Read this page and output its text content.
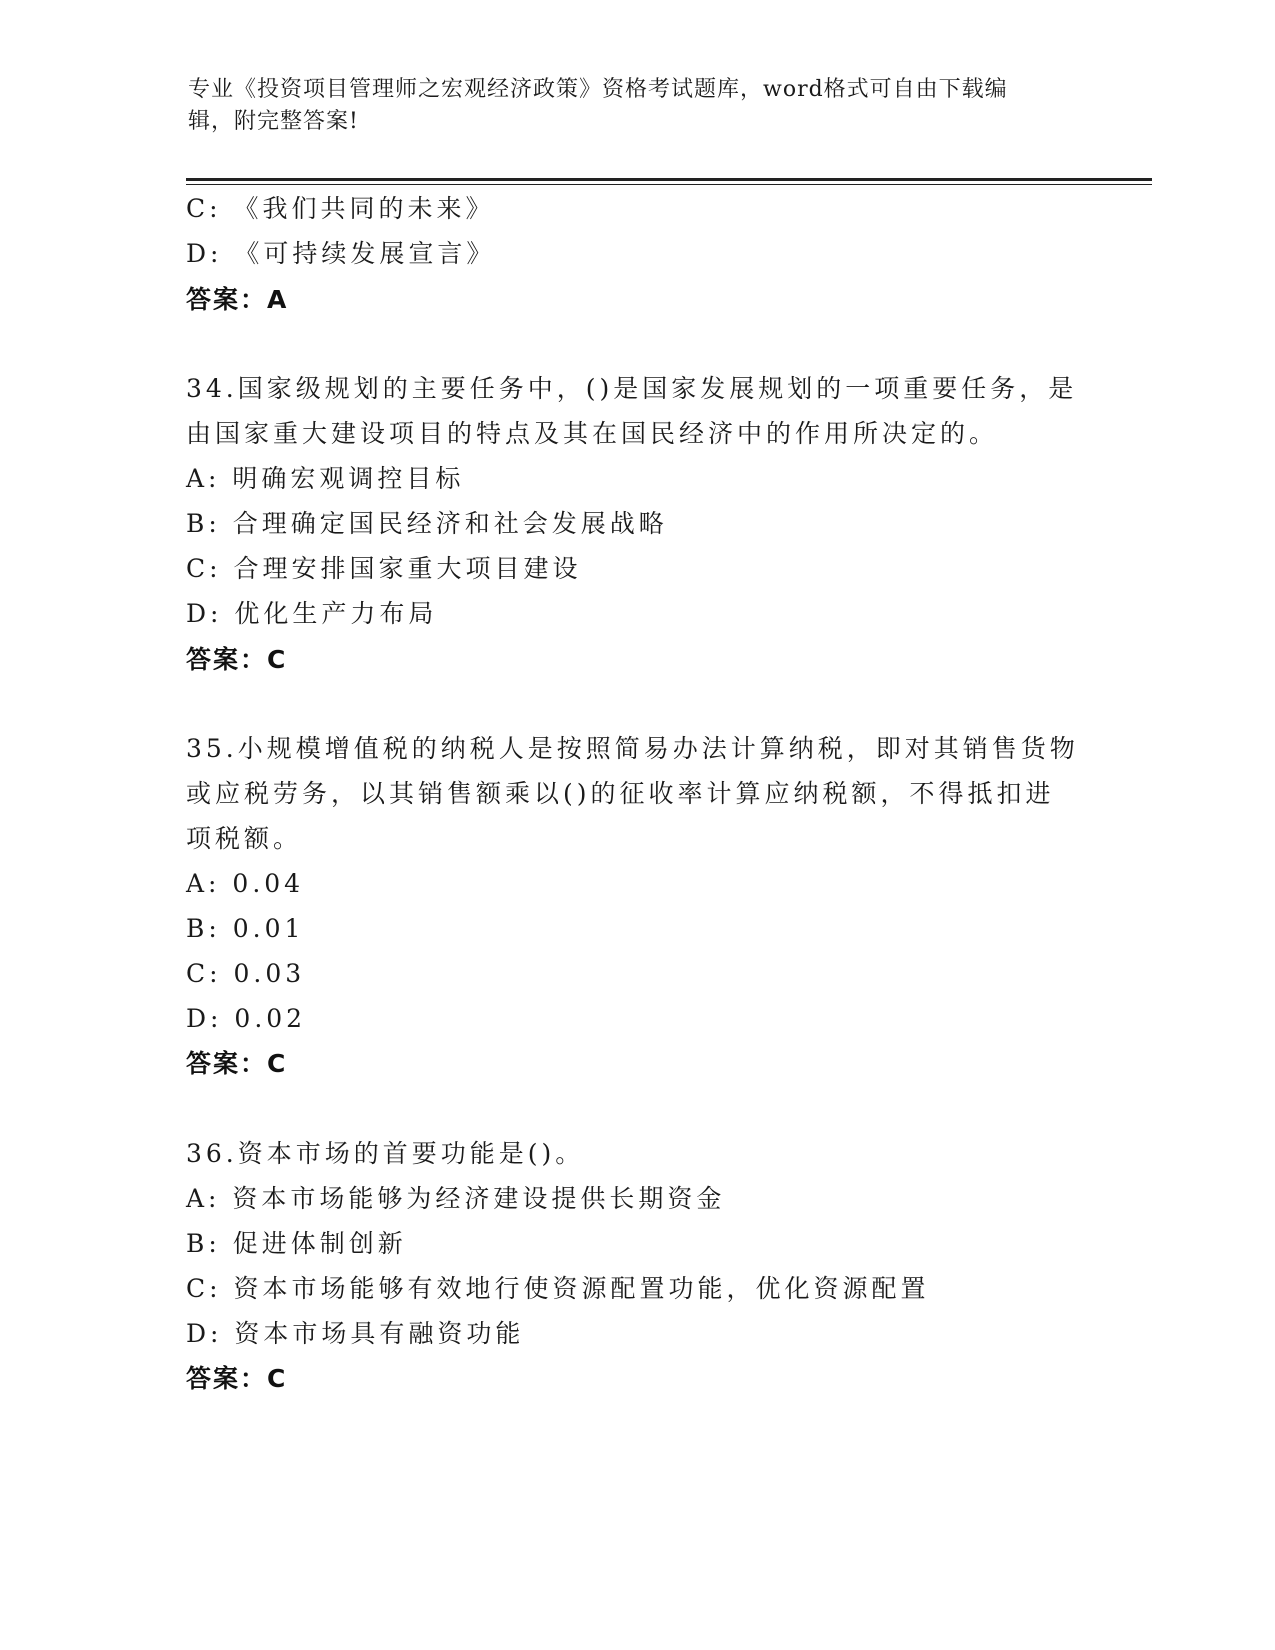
专业《投资项目管理师之宏观经济政策》资格考试题库，word格式可自由下载编
辑，附完整答案!
C: 《我们共同的未来》
D: 《可持续发展宣言》
答案：A
34.国家级规划的主要任务中，()是国家发展规划的一项重要任务，是
由国家重大建设项目的特点及其在国民经济中的作用所决定的。
A: 明确宏观调控目标
B: 合理确定国民经济和社会发展战略
C: 合理安排国家重大项目建设
D: 优化生产力布局
答案：C
35.小规模增值税的纳税人是按照简易办法计算纳税，即对其销售货物
或应税劳务，以其销售额乘以()的征收率计算应纳税额，不得抵扣进
项税额。
A: 0.04
B: 0.01
C: 0.03
D: 0.02
答案：C
36.资本市场的首要功能是()。
A: 资本市场能够为经济建设提供长期资金
B: 促进体制创新
C: 资本市场能够有效地行使资源配置功能，优化资源配置
D: 资本市场具有融资功能
答案：C
